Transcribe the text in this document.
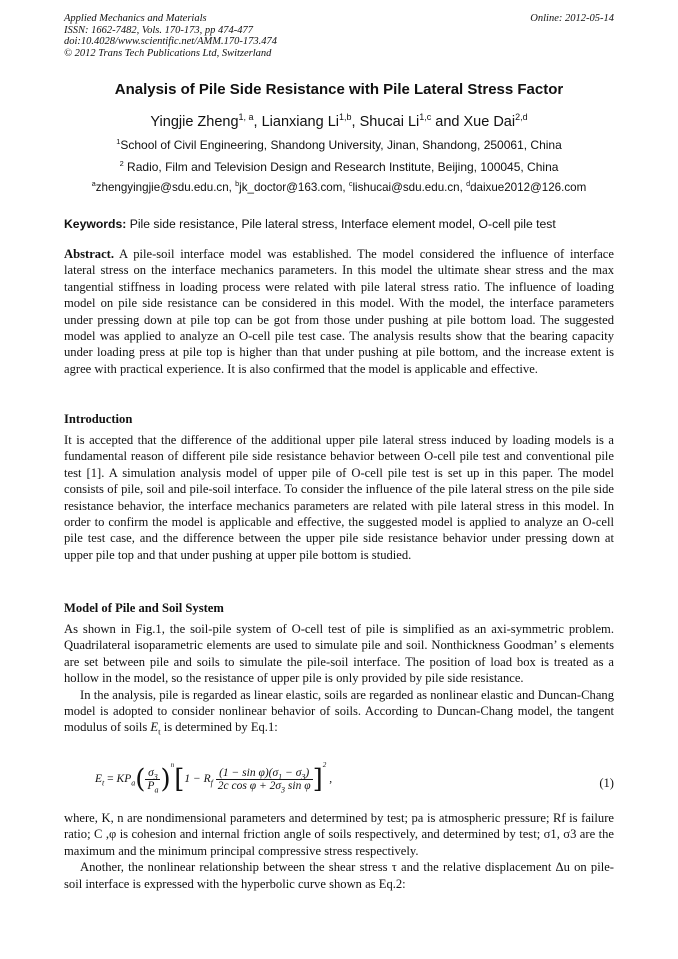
Applied Mechanics and Materials
ISSN: 1662-7482, Vols. 170-173, pp 474-477
doi:10.4028/www.scientific.net/AMM.170-173.474
© 2012 Trans Tech Publications Ltd, Switzerland
Online: 2012-05-14
Analysis of Pile Side Resistance with Pile Lateral Stress Factor
Yingjie Zheng$^{1, a}$, Lianxiang Li$^{1,b}$, Shucai Li$^{1,c}$ and Xue Dai$^{2,d}$
$^1$School of Civil Engineering, Shandong University, Jinan, Shandong, 250061, China
$^2$ Radio, Film and Television Design and Research Institute, Beijing, 100045, China
$^a$zhengyingjie@sdu.edu.cn, $^b$jk_doctor@163.com, $^c$lishucai@sdu.edu.cn, $^d$daixue2012@126.com
Keywords: Pile side resistance, Pile lateral stress, Interface element model, O-cell pile test

Abstract. A pile-soil interface model was established. The model considered the influence of interface lateral stress on the interface mechanics parameters. In this model the ultimate shear stress and the max tangential stiffness in loading process were related with pile lateral stress ratio. The influence of loading model on pile side resistance can be considered in this model. With the model, the interface parameters under pressing down at pile top can be got from those under pushing at pile bottom load. The suggested model was applied to analyze an O-cell pile test case. The analysis results show that the bearing capacity under loading press at pile top is higher than that under pushing at pile bottom, and the increase extent is agree with practical experience. It is also confirmed that the model is applicable and effective.

Introduction

It is accepted that the difference of the additional upper pile lateral stress induced by loading models is a fundamental reason of different pile side resistance behavior between O-cell pile test and conventional pile test [1]. A simulation analysis model of upper pile of O-cell pile test is set up in this paper. The model consists of pile, soil and pile-soil interface. To consider the influence of the pile lateral stress on the pile side resistance behavior, the interface mechanics parameters are related with pile lateral stress in this model. In order to confirm the model is applicable and effective, the suggested model is applied to analyze an O-cell pile test case, and the difference between the upper pile side resistance behavior under pressing down at upper pile top and that under pushing at upper pile bottom is studied.

Model of Pile and Soil System

As shown in Fig.1, the soil-pile system of O-cell test of pile is simplified as an axi-symmetric problem. Quadrilateral isoparametric elements are used to simulate pile and soil. Nonthickness Goodman’ s elements are set between pile and soils to simulate the pile-soil interface. The position of load box is treated as a hollow in the model, so the resistance of upper pile is only provided by pile side resistance.

In the analysis, pile is regarded as linear elastic, soils are regarded as nonlinear elastic and Duncan-Chang model is adopted to consider nonlinear behavior of soils. According to Duncan-Chang model, the tangent modulus of soils $E_t$ is determined by Eq.1:

$E_t = KP_a( \frac{\sigma_3}{P_a} )^n[1 - R_f \frac{(1 - \sin \varphi)(\sigma_1 - \sigma_3)}{2c \cos \varphi + 2\sigma_3 \sin \varphi} ]^2$ ,	(1)

where, K, n are nondimensional parameters and determined by test; pa is atmospheric pressure; Rf is failure ratio; C ,φ is cohesion and internal friction angle of soils respectively, and determined by test; σ1, σ3 are the maximum and the minimum principal compressive stress respectively.

Another, the nonlinear relationship between the shear stress τ and the relative displacement Δu on pile-soil interface is expressed with the hyperbolic curve shown as Eq.2:
